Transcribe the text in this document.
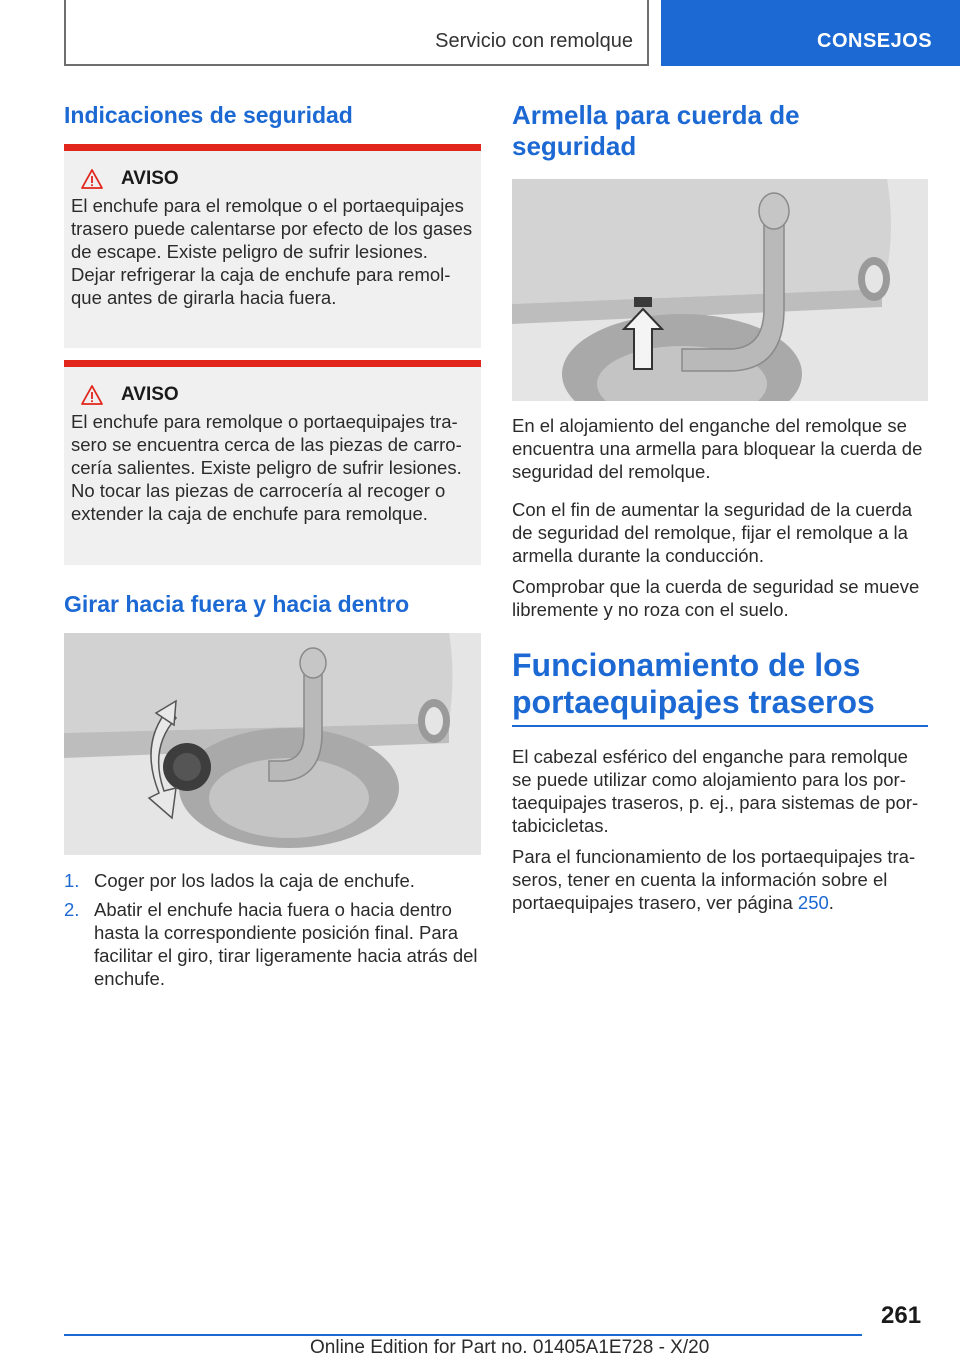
Servicio con remolque	CONSEJOS
Indicaciones de seguridad
AVISO

El enchufe para el remolque o el portaequipajes trasero puede calentarse por efecto de los gases de escape. Existe peligro de sufrir lesiones. Dejar refrigerar la caja de enchufe para remolque antes de girarla hacia fuera.

AVISO

El enchufe para remolque o portaequipajes trasero se encuentra cerca de las piezas de carrocería salientes. Existe peligro de sufrir lesiones. No tocar las piezas de carrocería al recoger o extender la caja de enchufe para remolque.

Girar hacia fuera y hacia dentro
1. Coger por los lados la caja de enchufe.
2. Abatir el enchufe hacia fuera o hacia dentro hasta la correspondiente posición final. Para facilitar el giro, tirar ligeramente hacia atrás del enchufe.
Armella para cuerda de seguridad

En el alojamiento del enganche del remolque se encuentra una armella para bloquear la cuerda de seguridad del remolque.

Con el fin de aumentar la seguridad de la cuerda de seguridad del remolque, fijar el remolque a la armella durante la conducción.

Comprobar que la cuerda de seguridad se mueve libremente y no roza con el suelo.

Funcionamiento de los portaequipajes traseros

El cabezal esférico del enganche para remolque se puede utilizar como alojamiento para los portaequipajes traseros, p. ej., para sistemas de portabicicletas.

Para el funcionamiento de los portaequipajes traseros, tener en cuenta la información sobre el portaequipajes trasero, ver página 250.

261
Online Edition for Part no. 01405A1E728 - X/20
